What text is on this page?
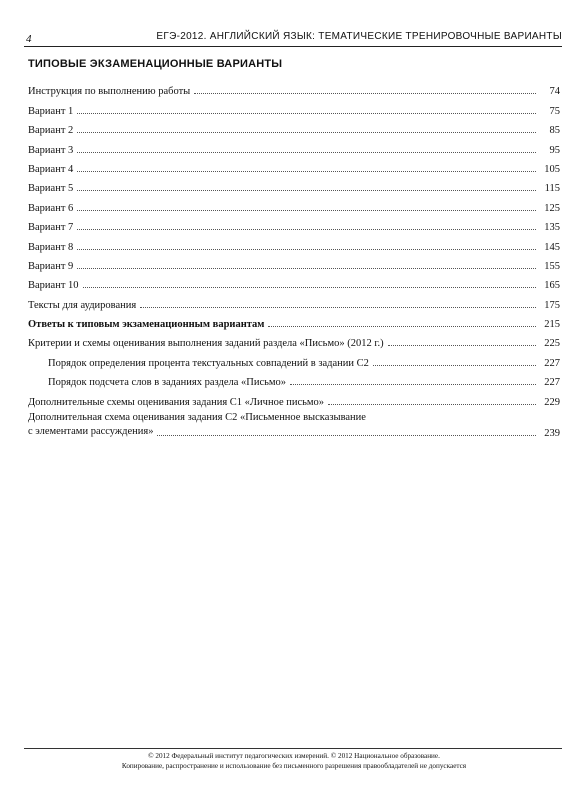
4	ЕГЭ-2012. АНГЛИЙСКИЙ ЯЗЫК: ТЕМАТИЧЕСКИЕ ТРЕНИРОВОЧНЫЕ ВАРИАНТЫ
ТИПОВЫЕ ЭКЗАМЕНАЦИОННЫЕ ВАРИАНТЫ
Инструкция по выполнению работы	74
Вариант 1	75
Вариант 2	85
Вариант 3	95
Вариант 4	105
Вариант 5	115
Вариант 6	125
Вариант 7	135
Вариант 8	145
Вариант 9	155
Вариант 10	165
Тексты для аудирования	175
Ответы к типовым экзаменационным вариантам	215
Критерии и схемы оценивания выполнения заданий раздела «Письмо» (2012 г.)	225
Порядок определения процента текстуальных совпадений в задании С2	227
Порядок подсчета слов в заданиях раздела «Письмо»	227
Дополнительные схемы оценивания задания С1 «Личное письмо»	229
Дополнительная схема оценивания задания С2 «Письменное высказывание
с элементами рассуждения»	239
© 2012 Федеральный институт педагогических измерений. © 2012 Национальное образование.
Копирование, распространение и использование без письменного разрешения правообладателей не допускается
